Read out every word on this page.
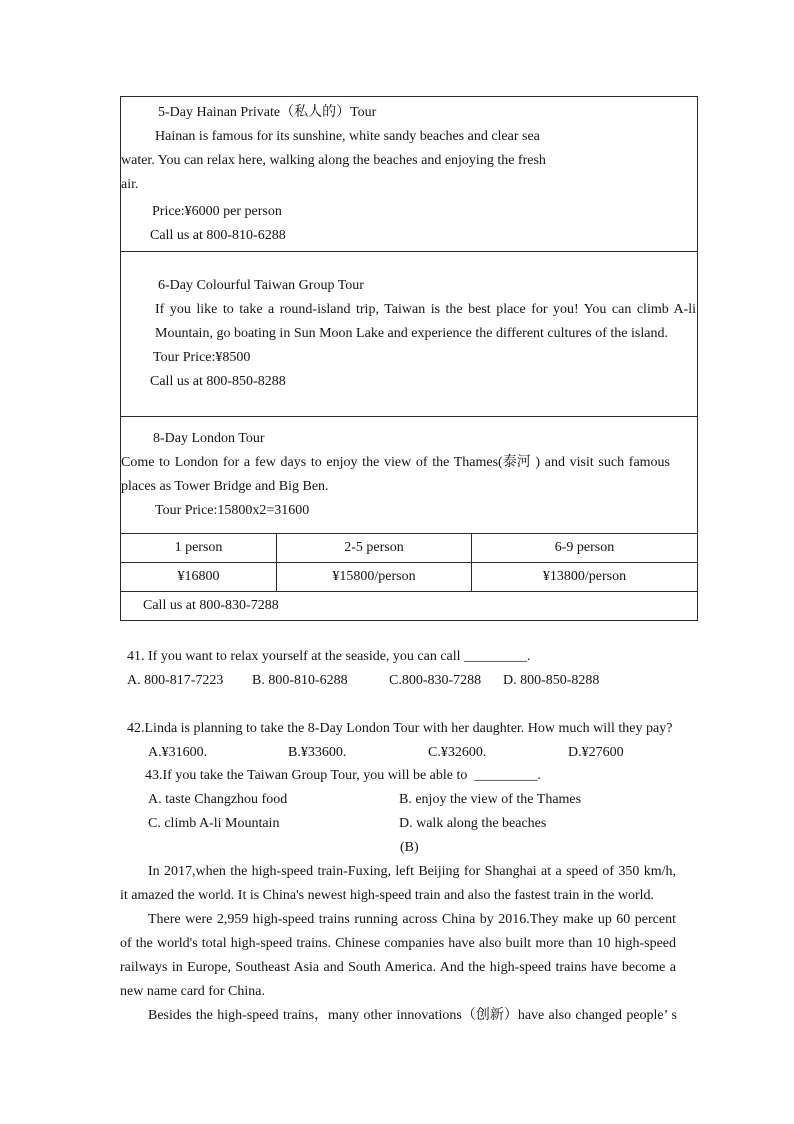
5-Day Hainan Private（私人的）Tour
Hainan is famous for its sunshine, white sandy beaches and clear sea
water. You can relax here, walking along the beaches and enjoying the fresh
air.
Price:¥6000 per person
Call us at 800-810-6288
6-Day Colourful Taiwan Group Tour
If you like to take a round-island trip, Taiwan is the best place for you! You can climb A-li
Mountain, go boating in Sun Moon Lake and experience the different cultures of the island.
Tour Price:¥8500
Call us at 800-850-8288
8-Day London Tour
Come to London for a few days to enjoy the view of the Thames(泰河 ) and visit such famous
places as Tower Bridge and Big Ben.
Tour Price:15800x2=31600
1 person	2-5 person	6-9 person
¥16800	¥15800/person	¥13800/person
Call us at 800-830-7288
41. If you want to relax yourself at the seaside, you can call _________.
A. 800-817-7223 B. 800-810-6288	C.800-830-7288 D. 800-850-8288
42.Linda is planning to take the 8-Day London Tour with her daughter. How much will they pay?
A.¥31600.	B.¥33600.	C.¥32600.	D.¥27600
43.If you take the Taiwan Group Tour, you will be able to  _________.
A. taste Changzhou food	B. enjoy the view of the Thames
C. climb A-li Mountain	D. walk along the beaches
(B)
In 2017,when the high-speed train-Fuxing, left Beijing for Shanghai at a speed of 350 km/h,
it amazed the world. It is China's newest high-speed train and also the fastest train in the world.
There were 2,959 high-speed trains running across China by 2016.They make up 60 percent
of the world's total high-speed trains. Chinese companies have also built more than 10 high-speed
railways in Europe, Southeast Asia and South America. And the high-speed trains have become a
new name card for China.
Besides the high-speed trains，many other innovations（创新）have also changed people’ s
